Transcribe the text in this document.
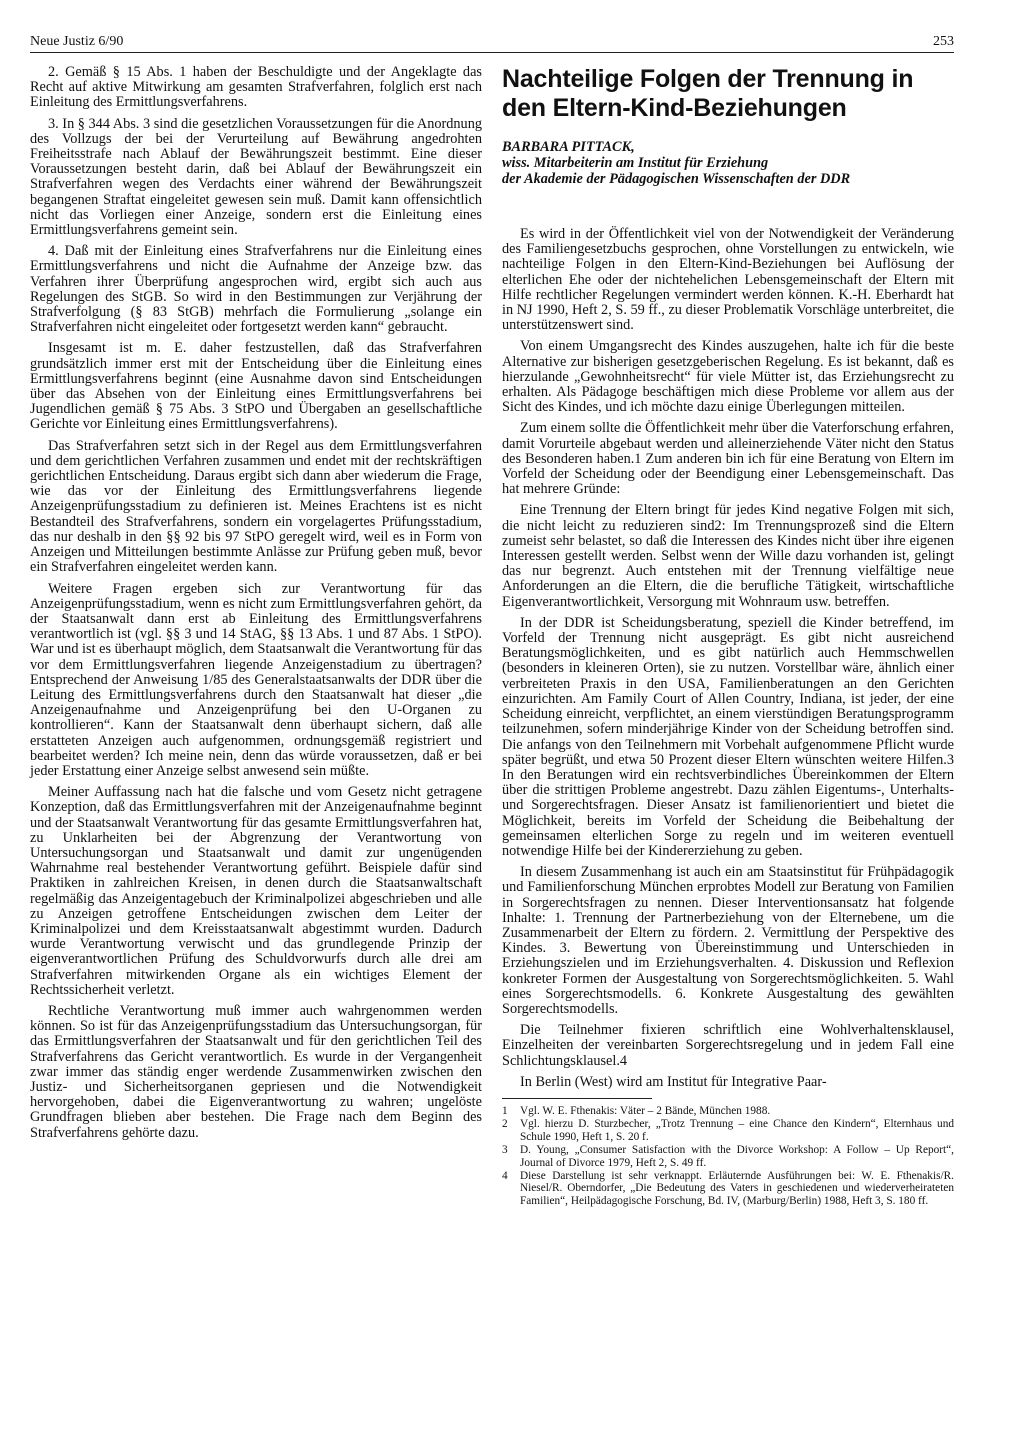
Neue Justiz 6/90	253

2. Gemäß § 15 Abs. 1 haben der Beschuldigte und der Angeklagte das Recht auf aktive Mitwirkung am gesamten Strafverfahren, folglich erst nach Einleitung des Ermittlungsverfahrens.

3. In § 344 Abs. 3 sind die gesetzlichen Voraussetzungen für die Anordnung des Vollzugs der bei der Verurteilung auf Bewährung angedrohten Freiheitsstrafe nach Ablauf der Bewährungszeit bestimmt. Eine dieser Voraussetzungen besteht darin, daß bei Ablauf der Bewährungszeit ein Strafverfahren wegen des Verdachts einer während der Bewährungszeit begangenen Straftat eingeleitet gewesen sein muß. Damit kann offensichtlich nicht das Vorliegen einer Anzeige, sondern erst die Einleitung eines Ermittlungsverfahrens gemeint sein.

4. Daß mit der Einleitung eines Strafverfahrens nur die Einleitung eines Ermittlungsverfahrens und nicht die Aufnahme der Anzeige bzw. das Verfahren ihrer Überprüfung angesprochen wird, ergibt sich auch aus Regelungen des StGB. So wird in den Bestimmungen zur Verjährung der Strafverfolgung (§ 83 StGB) mehrfach die Formulierung „solange ein Strafverfahren nicht eingeleitet oder fortgesetzt werden kann“ gebraucht.

Insgesamt ist m. E. daher festzustellen, daß das Strafverfahren grundsätzlich immer erst mit der Entscheidung über die Einleitung eines Ermittlungsverfahrens beginnt (eine Ausnahme davon sind Entscheidungen über das Absehen von der Einleitung eines Ermittlungsverfahrens bei Jugendlichen gemäß § 75 Abs. 3 StPO und Übergaben an gesellschaftliche Gerichte vor Einleitung eines Ermittlungsverfahrens).

Das Strafverfahren setzt sich in der Regel aus dem Ermittlungsverfahren und dem gerichtlichen Verfahren zusammen und endet mit der rechtskräftigen gerichtlichen Entscheidung. Daraus ergibt sich dann aber wiederum die Frage, wie das vor der Einleitung des Ermittlungsverfahrens liegende Anzeigenprüfungsstadium zu definieren ist. Meines Erachtens ist es nicht Bestandteil des Strafverfahrens, sondern ein vorgelagertes Prüfungsstadium, das nur deshalb in den §§ 92 bis 97 StPO geregelt wird, weil es in Form von Anzeigen und Mitteilungen bestimmte Anlässe zur Prüfung geben muß, bevor ein Strafverfahren eingeleitet werden kann.

Weitere Fragen ergeben sich zur Verantwortung für das Anzeigenprüfungsstadium, wenn es nicht zum Ermittlungsverfahren gehört, da der Staatsanwalt dann erst ab Einleitung des Ermittlungsverfahrens verantwortlich ist (vgl. §§ 3 und 14 StAG, §§ 13 Abs. 1 und 87 Abs. 1 StPO). War und ist es überhaupt möglich, dem Staatsanwalt die Verantwortung für das vor dem Ermittlungsverfahren liegende Anzeigenstadium zu übertragen? Entsprechend der Anweisung 1/85 des Generalstaatsanwalts der DDR über die Leitung des Ermittlungsverfahrens durch den Staatsanwalt hat dieser „die Anzeigenaufnahme und Anzeigenprüfung bei den U-Organen zu kontrollieren“. Kann der Staatsanwalt denn überhaupt sichern, daß alle erstatteten Anzeigen auch aufgenommen, ordnungsgemäß registriert und bearbeitet werden? Ich meine nein, denn das würde voraussetzen, daß er bei jeder Erstattung einer Anzeige selbst anwesend sein müßte.

Meiner Auffassung nach hat die falsche und vom Gesetz nicht getragene Konzeption, daß das Ermittlungsverfahren mit der Anzeigenaufnahme beginnt und der Staatsanwalt Verantwortung für das gesamte Ermittlungsverfahren hat, zu Unklarheiten bei der Abgrenzung der Verantwortung von Untersuchungsorgan und Staatsanwalt und damit zur ungenügenden Wahrnahme real bestehender Verantwortung geführt. Beispiele dafür sind Praktiken in zahlreichen Kreisen, in denen durch die Staatsanwaltschaft regelmäßig das Anzeigentagebuch der Kriminalpolizei abgeschrieben und alle zu Anzeigen getroffene Entscheidungen zwischen dem Leiter der Kriminalpolizei und dem Kreisstaatsanwalt abgestimmt wurden. Dadurch wurde Verantwortung verwischt und das grundlegende Prinzip der eigenverantwortlichen Prüfung des Schuldvorwurfs durch alle drei am Strafverfahren mitwirkenden Organe als ein wichtiges Element der Rechtssicherheit verletzt.

Rechtliche Verantwortung muß immer auch wahrgenommen werden können. So ist für das Anzeigenprüfungsstadium das Untersuchungsorgan, für das Ermittlungsverfahren der Staatsanwalt und für den gerichtlichen Teil des Strafverfahrens das Gericht verantwortlich. Es wurde in der Vergangenheit zwar immer das ständig enger werdende Zusammenwirken zwischen den Justiz- und Sicherheitsorganen gepriesen und die Notwendigkeit hervorgehoben, dabei die Eigenverantwortung zu wahren; ungelöste Grundfragen blieben aber bestehen. Die Frage nach dem Beginn des Strafverfahrens gehörte dazu.

Nachteilige Folgen der Trennung in den Eltern-Kind-Beziehungen
BARBARA PITTACK,
wiss. Mitarbeiterin am Institut für Erziehung
der Akademie der Pädagogischen Wissenschaften der DDR

Es wird in der Öffentlichkeit viel von der Notwendigkeit der Veränderung des Familiengesetzbuchs gesprochen, ohne Vorstellungen zu entwickeln, wie nachteilige Folgen in den Eltern-Kind-Beziehungen bei Auflösung der elterlichen Ehe oder der nichtehelichen Lebensgemeinschaft der Eltern mit Hilfe rechtlicher Regelungen vermindert werden können. K.-H. Eberhardt hat in NJ 1990, Heft 2, S. 59 ff., zu dieser Problematik Vorschläge unterbreitet, die unterstützenswert sind.

Von einem Umgangsrecht des Kindes auszugehen, halte ich für die beste Alternative zur bisherigen gesetzgeberischen Regelung. Es ist bekannt, daß es hierzulande „Gewohnheitsrecht“ für viele Mütter ist, das Erziehungsrecht zu erhalten. Als Pädagoge beschäftigen mich diese Probleme vor allem aus der Sicht des Kindes, und ich möchte dazu einige Überlegungen mitteilen.

Zum einem sollte die Öffentlichkeit mehr über die Vaterforschung erfahren, damit Vorurteile abgebaut werden und alleinerziehende Väter nicht den Status des Besonderen haben.1 Zum anderen bin ich für eine Beratung von Eltern im Vorfeld der Scheidung oder der Beendigung einer Lebensgemeinschaft. Das hat mehrere Gründe:

Eine Trennung der Eltern bringt für jedes Kind negative Folgen mit sich, die nicht leicht zu reduzieren sind2: Im Trennungsprozeß sind die Eltern zumeist sehr belastet, so daß die Interessen des Kindes nicht über ihre eigenen Interessen gestellt werden. Selbst wenn der Wille dazu vorhanden ist, gelingt das nur begrenzt. Auch entstehen mit der Trennung vielfältige neue Anforderungen an die Eltern, die die berufliche Tätigkeit, wirtschaftliche Eigenverantwortlichkeit, Versorgung mit Wohnraum usw. betreffen.

In der DDR ist Scheidungsberatung, speziell die Kinder betreffend, im Vorfeld der Trennung nicht ausgeprägt. Es gibt nicht ausreichend Beratungsmöglichkeiten, und es gibt natürlich auch Hemmschwellen (besonders in kleineren Orten), sie zu nutzen. Vorstellbar wäre, ähnlich einer verbreiteten Praxis in den USA, Familienberatungen an den Gerichten einzurichten. Am Family Court of Allen Country, Indiana, ist jeder, der eine Scheidung einreicht, verpflichtet, an einem vierstündigen Beratungsprogramm teilzunehmen, sofern minderjährige Kinder von der Scheidung betroffen sind. Die anfangs von den Teilnehmern mit Vorbehalt aufgenommene Pflicht wurde später begrüßt, und etwa 50 Prozent dieser Eltern wünschten weitere Hilfen.3 In den Beratungen wird ein rechtsverbindliches Übereinkommen der Eltern über die strittigen Probleme angestrebt. Dazu zählen Eigentums-, Unterhalts- und Sorgerechtsfragen. Dieser Ansatz ist familienorientiert und bietet die Möglichkeit, bereits im Vorfeld der Scheidung die Beibehaltung der gemeinsamen elterlichen Sorge zu regeln und im weiteren eventuell notwendige Hilfe bei der Kindererziehung zu geben.

In diesem Zusammenhang ist auch ein am Staatsinstitut für Frühpädagogik und Familienforschung München erprobtes Modell zur Beratung von Familien in Sorgerechtsfragen zu nennen. Dieser Interventionsansatz hat folgende Inhalte: 1. Trennung der Partnerbeziehung von der Elternebene, um die Zusammenarbeit der Eltern zu fördern. 2. Vermittlung der Perspektive des Kindes. 3. Bewertung von Übereinstimmung und Unterschieden in Erziehungszielen und im Erziehungsverhalten. 4. Diskussion und Reflexion konkreter Formen der Ausgestaltung von Sorgerechtsmöglichkeiten. 5. Wahl eines Sorgerechtsmodells. 6. Konkrete Ausgestaltung des gewählten Sorgerechtsmodells.

Die Teilnehmer fixieren schriftlich eine Wohlverhaltensklausel, Einzelheiten der vereinbarten Sorgerechtsregelung und in jedem Fall eine Schlichtungsklausel.4

In Berlin (West) wird am Institut für Integrative Paar-

1	Vgl. W. E. Fthenakis: Väter – 2 Bände, München 1988.
2	Vgl. hierzu D. Sturzbecher, „Trotz Trennung – eine Chance den Kindern“, Elternhaus und Schule 1990, Heft 1, S. 20 f.
3	D. Young, „Consumer Satisfaction with the Divorce Workshop: A Follow – Up Report“, Journal of Divorce 1979, Heft 2, S. 49 ff.
4	Diese Darstellung ist sehr verknappt. Erläuternde Ausführungen bei: W. E. Fthenakis/R. Niesel/R. Oberndorfer, „Die Bedeutung des Vaters in geschiedenen und wiederverheirateten Familien“, Heilpädagogische Forschung, Bd. IV, (Marburg/Berlin) 1988, Heft 3, S. 180 ff.
